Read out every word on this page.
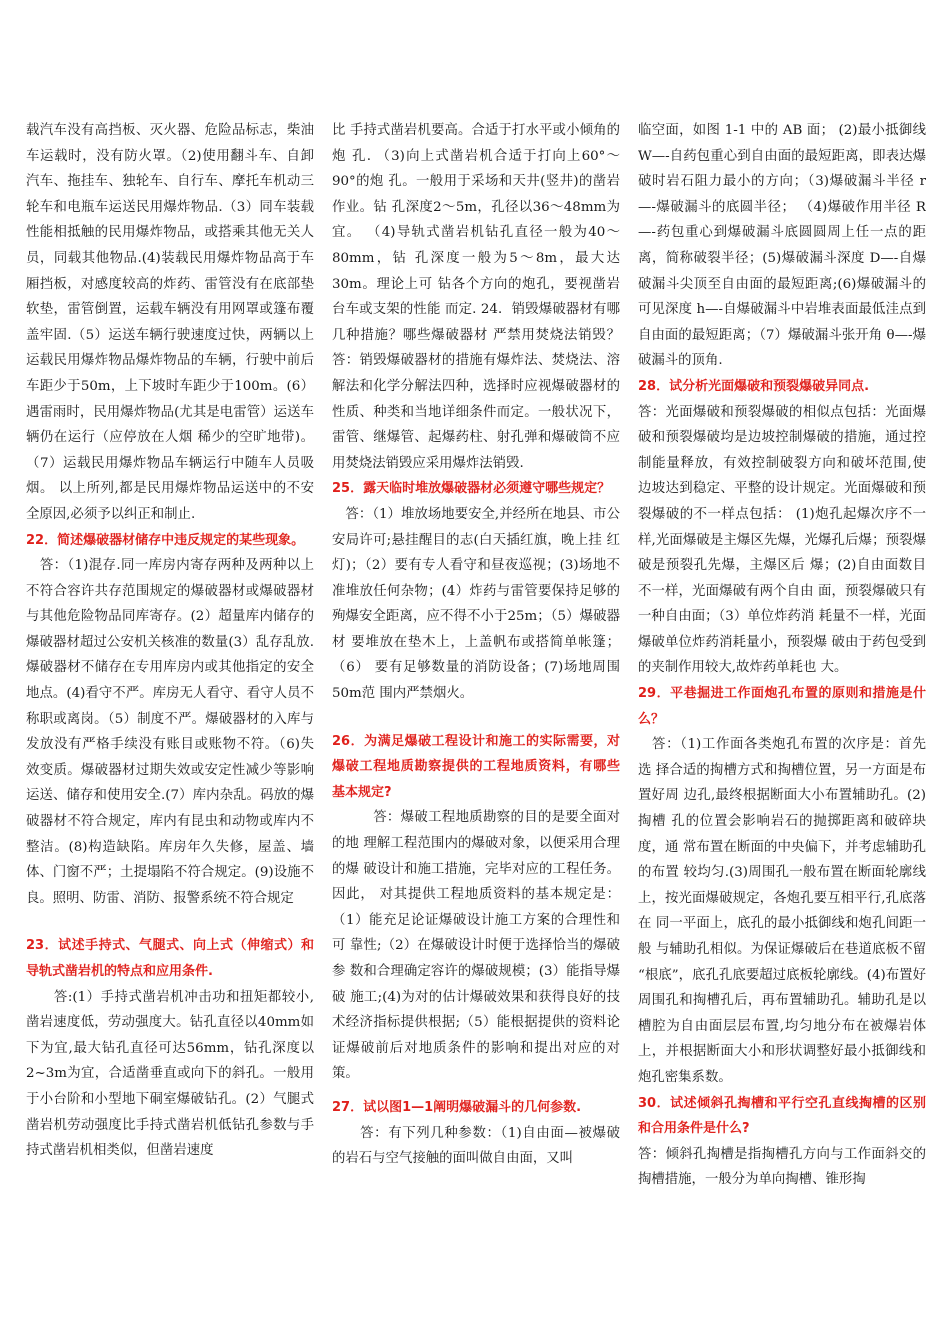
载汽车没有高挡板、灭火器、危险品标志，柴油车运载时，没有防火罩。（2)使用翻斗车、自卸汽车、拖挂车、独轮车、自行车、摩托车机动三轮车和电瓶车运送民用爆炸物品.（3）同车装载性能相抵触的民用爆炸物品，或搭乘其他无关人员，同载其他物品.(4)装载民用爆炸物品高于车厢挡板，对感度较高的炸药、雷管没有在底部垫软垫，雷管倒置，运载车辆没有用网罩或篷布覆盖牢固.（5）运送车辆行驶速度过快，两辆以上运载民用爆炸物品爆炸物品的车辆，行驶中前后车距少于50m，上下坡时车距少于100m。(6）遇雷雨时，民用爆炸物品(尤其是电雷管）运送车辆仍在运行（应停放在人烟 稀少的空旷地带)。（7）运载民用爆炸物品车辆运行中随车人员吸烟。 以上所列,都是民用爆炸物品运送中的不安全原因,必须予以纠正和制止.

22．简述爆破器材储存中违反规定的某些现象。

　答：（1)混存.同一库房内寄存两种及两种以上不符合容许共存范围规定的爆破器材或爆破器材与其他危险物品同库寄存。(2）超量库内储存的爆破器材超过公安机关核准的数量(3）乱存乱放.爆破器材不储存在专用库房内或其他指定的安全地点。(4)看守不严。库房无人看守、看守人员不称职或离岗。（5）制度不严。爆破器材的入库与发放没有严格手续没有账目或账物不符。（6)失效变质。爆破器材过期失效或安定性减少等影响运送、储存和使用安全.(7）库内杂乱。码放的爆破器材不符合规定，库内有昆虫和动物或库内不整洁。(8)构造缺陷。库房年久失修，屋盖、墙体、门窗不严；土提塌陷不符合规定。(9)设施不良。照明、防雷、消防、报警系统不符合规定

23．试述手持式、气腿式、向上式（伸缩式）和导轨式凿岩机的特点和应用条件.

　　答:(1）手持式凿岩机冲击功和扭矩都较小,凿岩速度低，劳动强度大。钻孔直径以40mm如下为宜,最大钻孔直径可达56mm，钻孔深度以2~3m为宜，合适凿垂直或向下的斜孔。一般用于小台阶和小型地下硐室爆破钻孔。(2）气腿式凿岩机劳动强度比手持式凿岩机低钻孔参数与手持式凿岩机相类似，但凿岩速度

比 手持式凿岩机要高。合适于打水平或小倾角的炮 孔. （3)向上式凿岩机合适于打向上60°～90°的炮 孔。一般用于采场和天井(竖井)的凿岩作业。钻 孔深度2～5m，孔径以36～48mm为宜。 （4)导轨式凿岩机钻孔直径一般为40～80mm，钻 孔深度一般为5～8m，最大达30m。理论上可 钻各个方向的炮孔，要视凿岩台车或支架的性能 而定. 24．销毁爆破器材有哪几种措施？哪些爆破器材 严禁用焚烧法销毁？ 答：销毁爆破器材的措施有爆炸法、焚烧法、溶 解法和化学分解法四种，选择时应视爆破器材的 性质、种类和当地详细条件而定。一般状况下， 雷管、继爆管、起爆药柱、射孔弹和爆破筒不应 用焚烧法销毁应采用爆炸法销毁.

25．露天临时堆放爆破器材必须遵守哪些规定？

　答：（1）堆放场地要安全,并经所在地县、市公 安局许可;悬挂醒目的志(白天插红旗，晚上挂 红灯)；（2）要有专人看守和昼夜巡视；(3)场地不 准堆放任何杂物；(4）炸药与雷管要保持足够的 殉爆安全距离，应不得不小于25m；（5）爆破器材 要堆放在垫木上，上盖帆布或搭简单帐篷；（6） 要有足够数量的消防设备；(7)场地周围50m范 围内严禁烟火。

26．为满足爆破工程设计和施工的实际需要，对 爆破工程地质勘察提供的工程地质资料，有哪些 基本规定?

　　　答：爆破工程地质勘察的目的是要全面对的地 理解工程范围内的爆破对象，以便采用合理的爆 破设计和施工措施，完毕对应的工程任务。因此， 对其提供工程地质资料的基本规定是：（1）能充足论证爆破设计施工方案的合理性和可 靠性;（2）在爆破设计时便于选择恰当的爆破参 数和合理确定容许的爆破规模；(3）能指导爆破 施工;(4)为对的估计爆破效果和获得良好的技 术经济指标提供根据;（5）能根据提供的资料论证爆破前后对地质条件的影响和提出对应的对策。

27．试以图1—1阐明爆破漏斗的几何参数.

　　答：有下列几种参数：（1)自由面—被爆破的岩石与空气接触的面叫做自由面，又叫

临空面，如图 1-1 中的 AB 面； (2)最小抵御线 W—-自药包重心到自由面的最短距离，即表达爆破时岩石阻力最小的方向；（3)爆破漏斗半径 r—-爆破漏斗的底圆半径； （4)爆破作用半径 R—-药包重心到爆破漏斗底圆圆周上任一点的距离，简称破裂半径；(5)爆破漏斗深度 D—-自爆破漏斗尖顶至自由面的最短距离;(6)爆破漏斗的可见深度 h—-自爆破漏斗中岩堆表面最低洼点到自由面的最短距离；（7）爆破漏斗张开角 θ—-爆破漏斗的顶角.

28．试分析光面爆破和预裂爆破异同点.

答：光面爆破和预裂爆破的相似点包括：光面爆 破和预裂爆破均是边坡控制爆破的措施，通过控 制能量释放，有效控制破裂方向和破坏范围,使 边坡达到稳定、平整的设计规定。光面爆破和预裂爆破的不一样点包括： (1)炮孔起爆次序不一样,光面爆破是主爆区先爆，光爆孔后爆；预裂爆破是预裂孔先爆，主爆区后 爆；(2)自由面数目不一样，光面爆破有两个自由 面，预裂爆破只有一种自由面；（3）单位炸药消 耗量不一样，光面爆破单位炸药消耗量小，预裂爆 破由于药包受到的夹制作用较大,故炸药单耗也 大。

29．平巷掘进工作面炮孔布置的原则和措施是什 么？

　答：（1)工作面各类炮孔布置的次序是：首先选 择合适的掏槽方式和掏槽位置，另一方面是布置好周 边孔,最终根据断面大小布置辅助孔。(2)掏槽 孔的位置会影响岩石的抛掷距离和破碎块度，通 常布置在断面的中央偏下，并考虑辅助孔的布置 较均匀.(3)周围孔一般布置在断面轮廓线上，按光面爆破规定，各炮孔要互相平行,孔底落在 同一平面上，底孔的最小抵御线和炮孔间距一般 与辅助孔相似。为保证爆破后在巷道底板不留 “根底”，底孔孔底要超过底板轮廓线。(4)布置好 周围孔和掏槽孔后，再布置辅助孔。辅助孔是以 槽腔为自由面层层布置,均匀地分布在被爆岩体上，并根据断面大小和形状调整好最小抵御线和 炮孔密集系数。

30．试述倾斜孔掏槽和平行空孔直线掏槽的区别 和合用条件是什么?

答：倾斜孔掏槽是指掏槽孔方向与工作面斜交的 掏槽措施，一般分为单向掏槽、锥形掏
